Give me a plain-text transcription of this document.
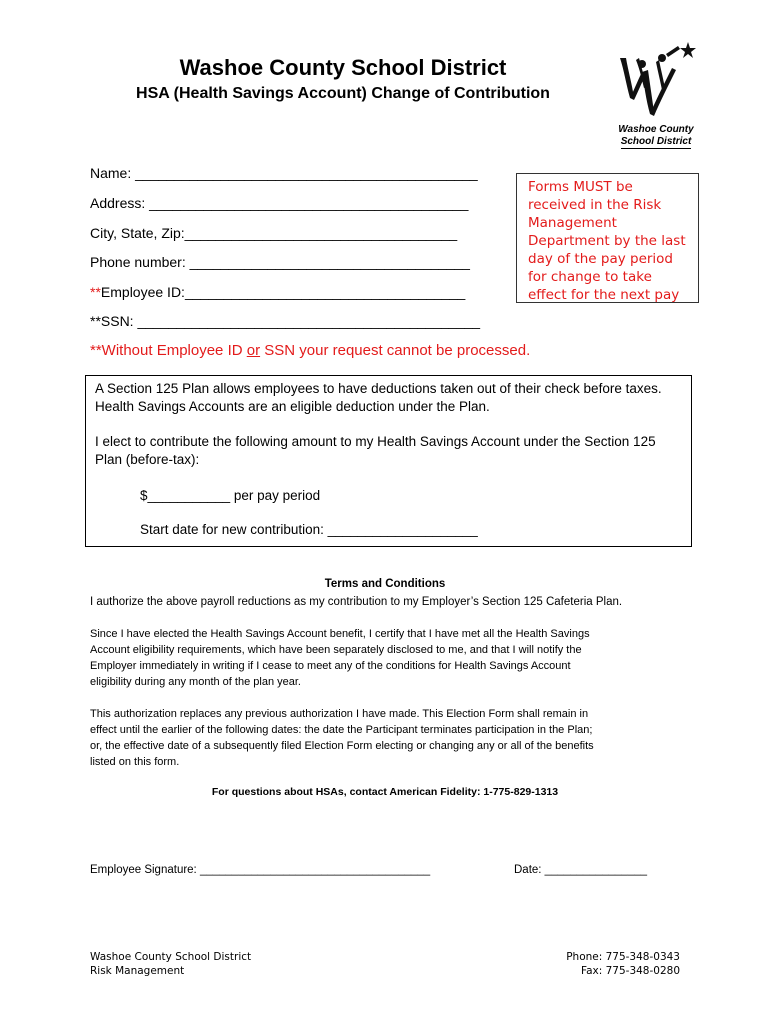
Washoe County School District
HSA (Health Savings Account) Change of Contribution
Washoe County
School District
Name: ____________________________________________
Address: _________________________________________
City, State, Zip:___________________________________
Phone number: ____________________________________
**Employee ID:____________________________________
**SSN: ____________________________________________
Forms MUST be
received in the Risk
Management
Department by the last
day of the pay period
for change to take
effect for the next pay
**Without Employee ID or SSN your request cannot be processed.
A Section 125 Plan allows employees to have deductions taken out of their check before taxes.
Health Savings Accounts are an eligible deduction under the Plan.
I elect to contribute the following amount to my Health Savings Account under the Section 125
Plan (before-tax):
$___________ per pay period
Start date for new contribution: ____________________
Terms and Conditions
I authorize the above payroll reductions as my contribution to my Employer’s Section 125 Cafeteria Plan.
Since I have elected the Health Savings Account benefit, I certify that I have met all the Health Savings
Account eligibility requirements, which have been separately disclosed to me, and that I will notify the
Employer immediately in writing if I cease to meet any of the conditions for Health Savings Account
eligibility during any month of the plan year.
This authorization replaces any previous authorization I have made. This Election Form shall remain in
effect until the earlier of the following dates: the date the Participant terminates participation in the Plan;
or, the effective date of a subsequently filed Election Form electing or changing any or all of the benefits
listed on this form.
For questions about HSAs, contact American Fidelity: 1-775-829-1313
Employee Signature: ____________________________________	Date: ________________
Washoe County School District
Risk Management
Phone: 775-348-0343
Fax: 775-348-0280
